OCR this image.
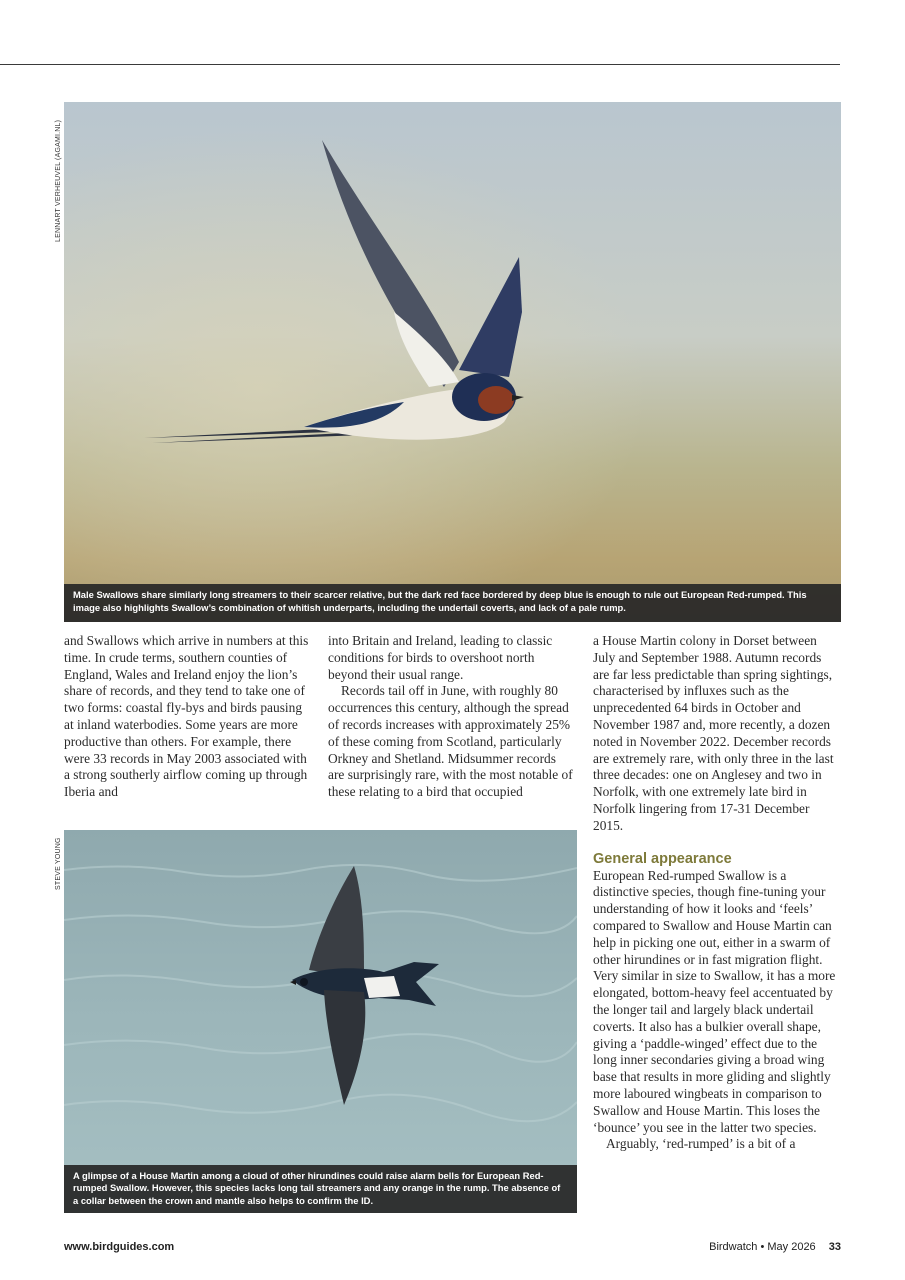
LENNART VERHEUVEL (AGAMI.NL)
STEVE YOUNG
Male Swallows share similarly long streamers to their scarcer relative, but the dark red face bordered by deep blue is enough to rule out European Red-rumped. This image also highlights Swallow’s combination of whitish underparts, including the undertail coverts, and lack of a pale rump.

and Swallows which arrive in numbers at this time. In crude terms, southern counties of England, Wales and Ireland enjoy the lion’s share of records, and they tend to take one of two forms: coastal fly-bys and birds pausing at inland waterbodies. Some years are more productive than others. For example, there were 33 records in May 2003 associated with a strong southerly airflow coming up through Iberia and

into Britain and Ireland, leading to classic conditions for birds to overshoot north beyond their usual range.

Records tail off in June, with roughly 80 occurrences this century, although the spread of records increases with approximately 25% of these coming from Scotland, particularly Orkney and Shetland. Midsummer records are surprisingly rare, with the most notable of these relating to a bird that occupied

a House Martin colony in Dorset between July and September 1988. Autumn records are far less predictable than spring sightings, characterised by influxes such as the unprecedented 64 birds in October and November 1987 and, more recently, a dozen noted in November 2022. December records are extremely rare, with only three in the last three decades: one on Anglesey and two in Norfolk, with one extremely late bird in Norfolk lingering from 17-31 December 2015.

General appearance

European Red-rumped Swallow is a distinctive species, though fine-tuning your understanding of how it looks and ‘feels’ compared to Swallow and House Martin can help in picking one out, either in a swarm of other hirundines or in fast migration flight. Very similar in size to Swallow, it has a more elongated, bottom-heavy feel accentuated by the longer tail and largely black undertail coverts. It also has a bulkier overall shape, giving a ‘paddle-winged’ effect due to the long inner secondaries giving a broad wing base that results in more gliding and slightly more laboured wingbeats in comparison to Swallow and House Martin. This loses the ‘bounce’ you see in the latter two species.

Arguably, ‘red-rumped’ is a bit of a

A glimpse of a House Martin among a cloud of other hirundines could raise alarm bells for European Red-rumped Swallow. However, this species lacks long tail streamers and any orange in the rump. The absence of a collar between the crown and mantle also helps to confirm the ID.
www.birdguides.com	Birdwatch • May 2026 33
